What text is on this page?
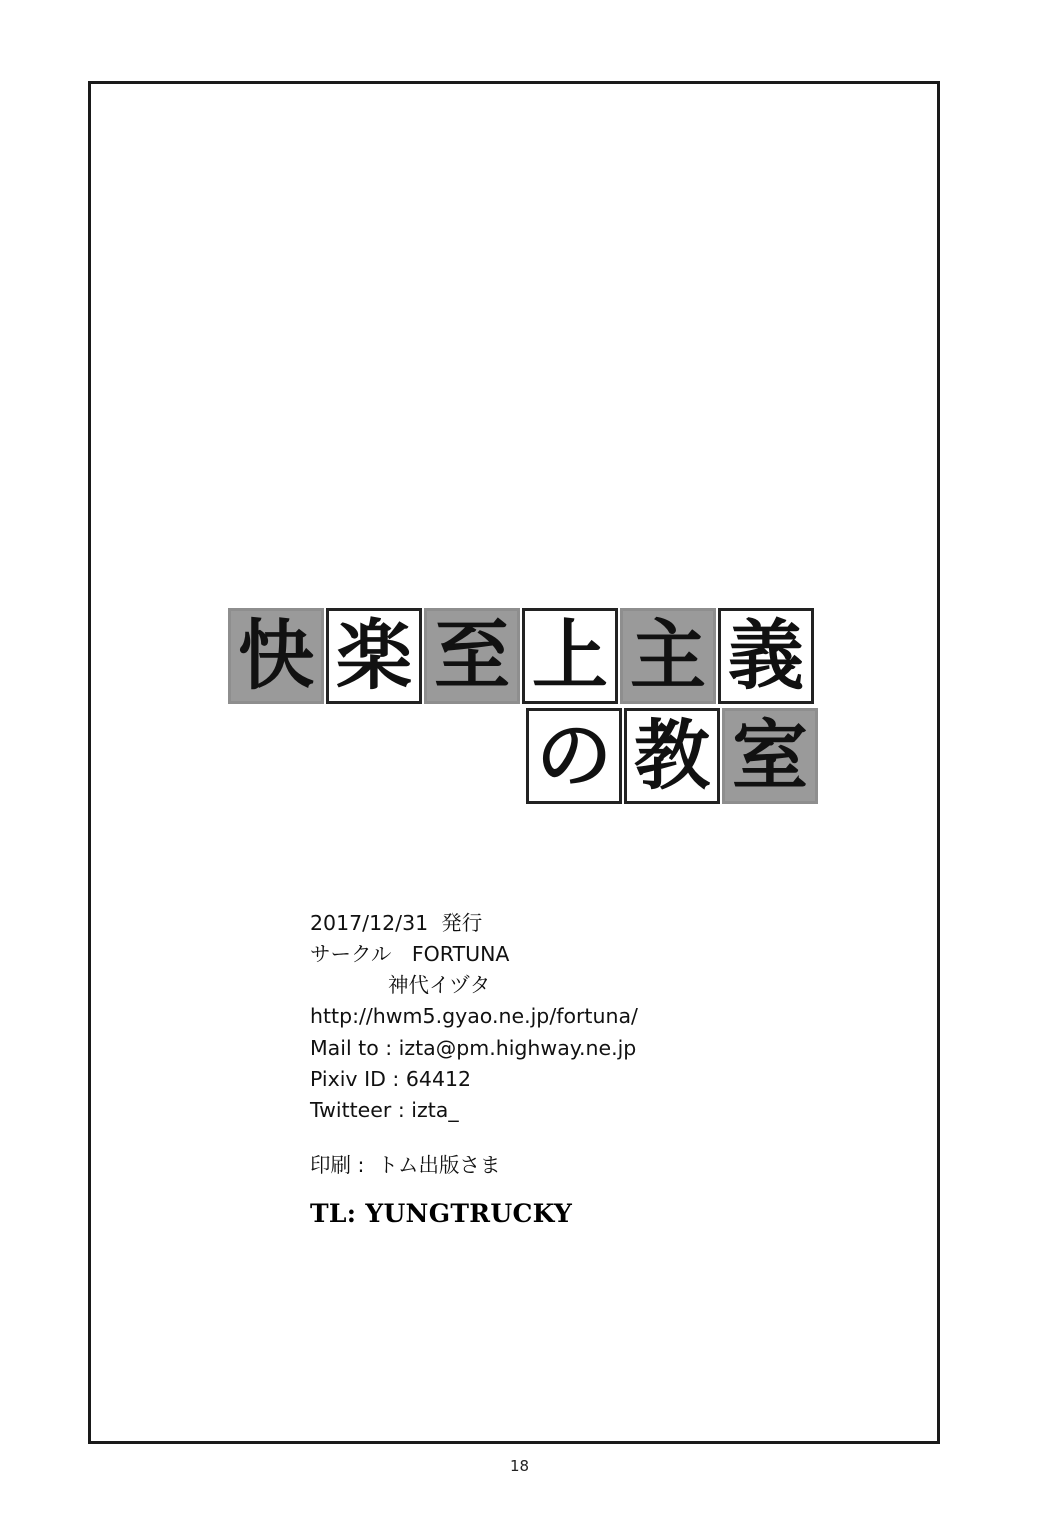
快 楽 至 上 主 義
の 教 室
2017/12/31  発行
サークル　FORTUNA
神代イヅタ
http://hwm5.gyao.ne.jp/fortuna/
Mail to : izta@pm.highway.ne.jp
Pixiv ID : 64412
Twitteer : izta_
印刷 :  トム出版さま
TL: YUNGTRUCKY
18
